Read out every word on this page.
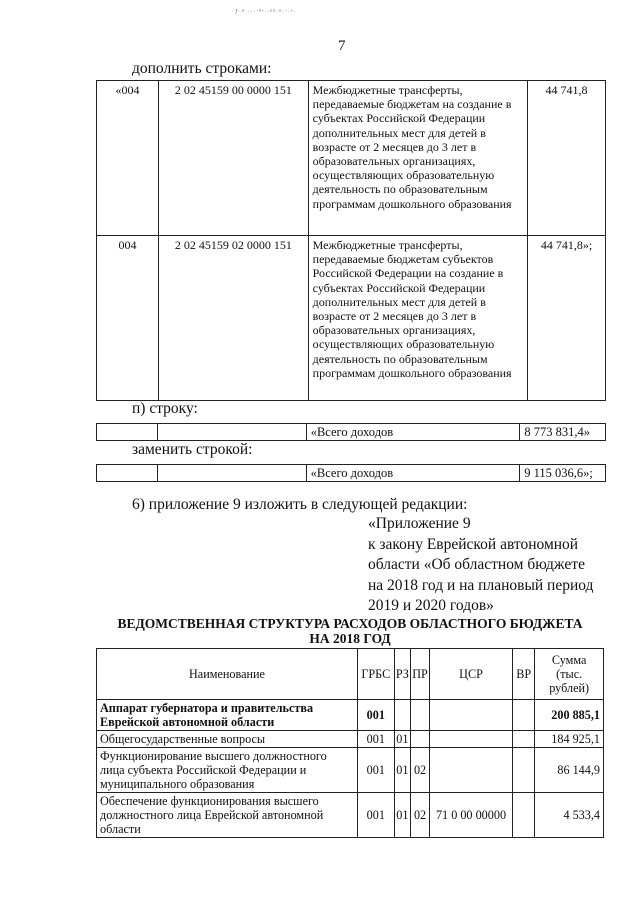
·ƒ·ⁿ ·‧·‧ⁿˢ··ᵖᵖ·ⁿ·‧·ˢ·
7
дополнить строками:
«004	2 02 45159 00 0000 151	Межбюджетные трансферты, передаваемые бюджетам на создание в субъектах Российской Федерации дополнительных мест для детей в возрасте от 2 месяцев до 3 лет в образовательных организациях, осуществляющих образовательную деятельность по образовательным программам дошкольного образования	44 741,8
004	2 02 45159 02 0000 151	Межбюджетные трансферты, передаваемые бюджетам субъектов Российской Федерации на создание в субъектах Российской Федерации дополнительных мест для детей в возрасте от 2 месяцев до 3 лет в образовательных организациях, осуществляющих образовательную деятельность по образовательным программам дошкольного образования	44 741,8»;
п) строку:
		«Всего доходов	8 773 831,4»
заменить строкой:
		«Всего доходов	9 115 036,6»;
6) приложение 9 изложить в следующей редакции:
«Приложение 9
к закону Еврейской автономной
области «Об областном бюджете
на 2018 год и на плановый период
2019 и 2020 годов»
ВЕДОМСТВЕННАЯ СТРУКТУРА РАСХОДОВ ОБЛАСТНОГО БЮДЖЕТА
НА 2018 ГОД
Наименование	ГРБС	РЗ	ПР	ЦСР	ВР	Сумма (тыс. рублей)
Аппарат губернатора и правительства Еврейской автономной области	001					200 885,1
Общегосударственные вопросы	001	01				184 925,1
Функционирование высшего должностного лица субъекта Российской Федерации и муниципального образования	001	01	02			86 144,9
Обеспечение функционирования высшего должностного лица Еврейской автономной области	001	01	02	71 0 00 00000		4 533,4
